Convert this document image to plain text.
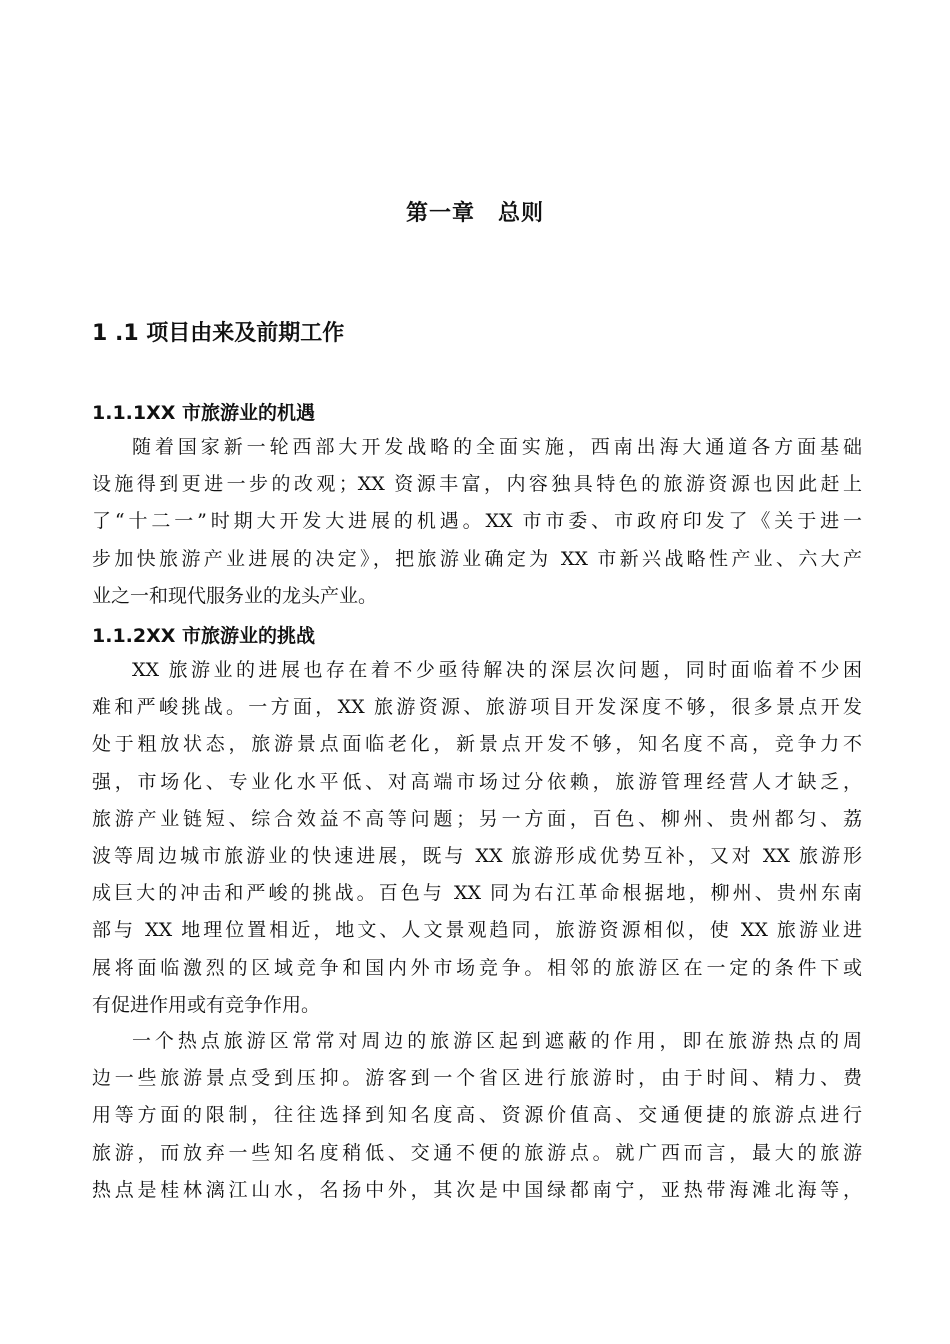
第一章　总则
1 .1 项目由来及前期工作
1.1.1XX 市旅游业的机遇
随着国家新一轮西部大开发战略的全面实施，西南出海大通道各方面基础
设施得到更进一步的改观；XX 资源丰富，内容独具特色的旅游资源也因此赶上
了“十二一”时期大开发大进展的机遇。XX 市市委、市政府印发了《关于进一
步加快旅游产业进展的决定》，把旅游业确定为 XX 市新兴战略性产业、六大产
业之一和现代服务业的龙头产业。
1.1.2XX 市旅游业的挑战
XX 旅游业的进展也存在着不少亟待解决的深层次问题，同时面临着不少困
难和严峻挑战。一方面，XX 旅游资源、旅游项目开发深度不够，很多景点开发
处于粗放状态，旅游景点面临老化，新景点开发不够，知名度不高，竞争力不
强，市场化、专业化水平低、对高端市场过分依赖，旅游管理经营人才缺乏，
旅游产业链短、综合效益不高等问题；另一方面，百色、柳州、贵州都匀、荔
波等周边城市旅游业的快速进展，既与 XX 旅游形成优势互补，又对 XX 旅游形
成巨大的冲击和严峻的挑战。百色与 XX 同为右江革命根据地，柳州、贵州东南
部与 XX 地理位置相近，地文、人文景观趋同，旅游资源相似，使 XX 旅游业进
展将面临激烈的区域竞争和国内外市场竞争。相邻的旅游区在一定的条件下或
有促进作用或有竞争作用。
一个热点旅游区常常对周边的旅游区起到遮蔽的作用，即在旅游热点的周
边一些旅游景点受到压抑。游客到一个省区进行旅游时，由于时间、精力、费
用等方面的限制，往往选择到知名度高、资源价值高、交通便捷的旅游点进行
旅游，而放弃一些知名度稍低、交通不便的旅游点。就广西而言，最大的旅游
热点是桂林漓江山水，名扬中外，其次是中国绿都南宁，亚热带海滩北海等，
